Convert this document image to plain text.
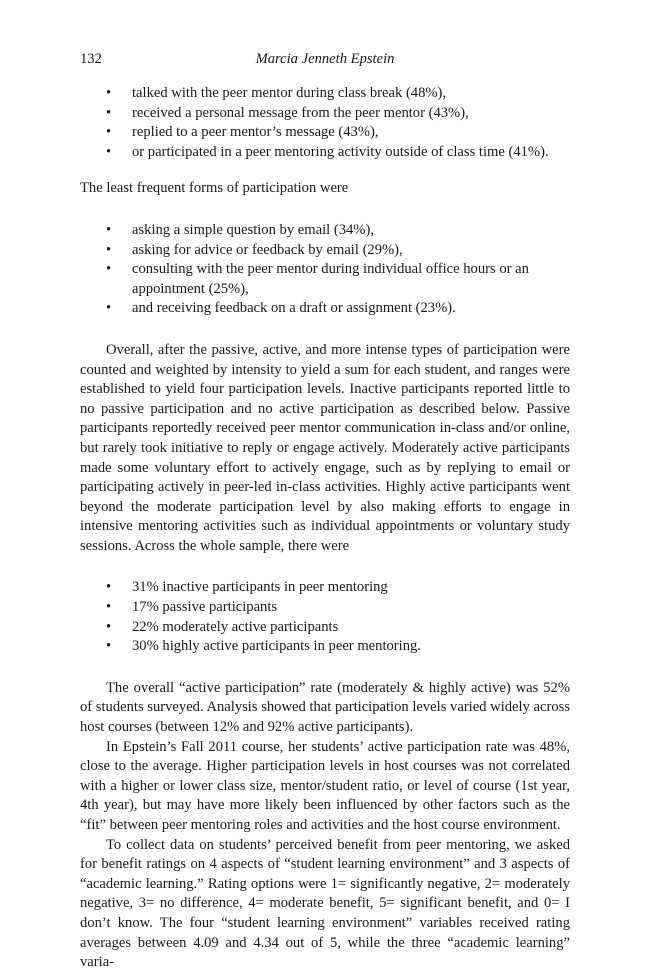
132	Marcia Jenneth Epstein
• talked with the peer mentor during class break (48%),
• received a personal message from the peer mentor (43%),
• replied to a peer mentor’s message (43%),
• or participated in a peer mentoring activity outside of class time (41%).

The least frequent forms of participation were

• asking a simple question by email (34%),
• asking for advice or feedback by email (29%),
• consulting with the peer mentor during individual office hours or an appointment (25%),
• and receiving feedback on a draft or assignment (23%).

Overall, after the passive, active, and more intense types of participation were counted and weighted by intensity to yield a sum for each student, and ranges were established to yield four participation levels. Inactive participants reported little to no passive participation and no active participation as described below. Passive participants reportedly received peer mentor communication in-class and/or online, but rarely took initiative to reply or engage actively. Moderately active participants made some voluntary effort to actively engage, such as by replying to email or participating actively in peer-led in-class activities. Highly active participants went beyond the moderate participation level by also making efforts to engage in intensive mentoring activities such as individual appointments or voluntary study sessions. Across the whole sample, there were

• 31% inactive participants in peer mentoring
• 17% passive participants
• 22% moderately active participants
• 30% highly active participants in peer mentoring.

The overall “active participation” rate (moderately & highly active) was 52% of students surveyed. Analysis showed that participation levels varied widely across host courses (between 12% and 92% active participants).

In Epstein’s Fall 2011 course, her students’ active participation rate was 48%, close to the average. Higher participation levels in host courses was not correlated with a higher or lower class size, mentor/student ratio, or level of course (1st year, 4th year), but may have more likely been influenced by other factors such as the “fit” between peer mentoring roles and activities and the host course environment.

To collect data on students’ perceived benefit from peer mentoring, we asked for benefit ratings on 4 aspects of “student learning environment” and 3 aspects of “academic learning.” Rating options were 1= significantly negative, 2= moderately negative, 3= no difference, 4= moderate benefit, 5= significant benefit, and 0= I don’t know. The four “student learning environment” variables received rating averages between 4.09 and 4.34 out of 5, while the three “academic learning” varia-
